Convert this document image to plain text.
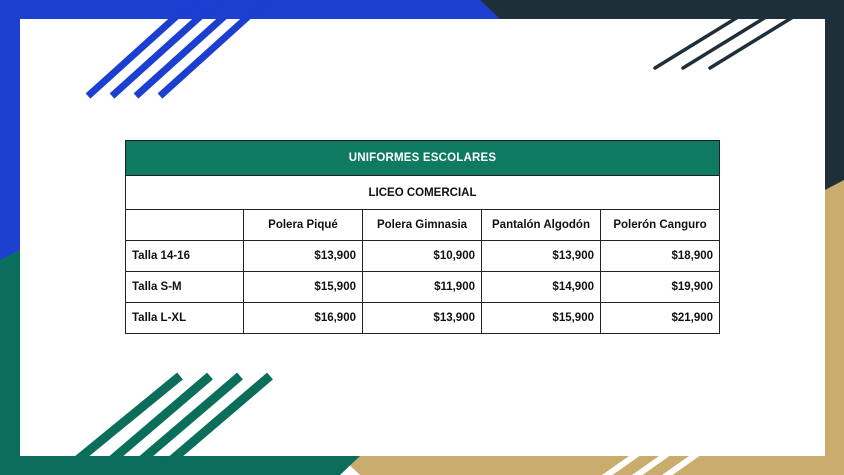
UNIFORMES ESCOLARES				
LICEO COMERCIAL				
	Polera Piqué	Polera Gimnasia	Pantalón Algodón	Polerón Canguro
Talla 14-16	$13,900	$10,900	$13,900	$18,900
Talla S-M	$15,900	$11,900	$14,900	$19,900
Talla L-XL	$16,900	$13,900	$15,900	$21,900
